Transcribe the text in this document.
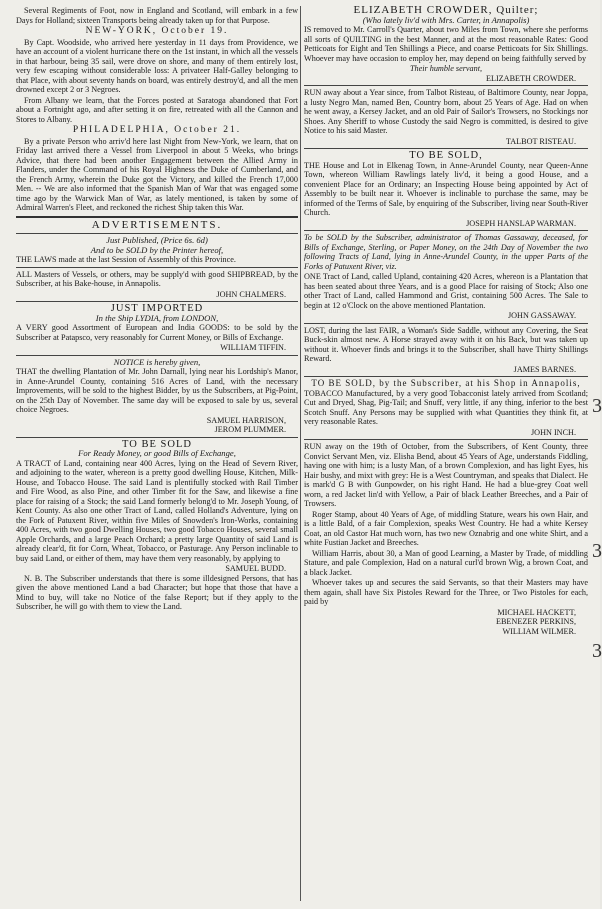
Several Regiments of Foot, now in England and Scotland, will embark in a few Days for Holland; sixteen Transports being already taken up for that Purpose.

NEW-YORK, October 19.

By Capt. Woodside, who arrived here yesterday in 11 days from Providence, we have an account of a violent hurricane there on the 1st instant, in which all the vessels in that harbour, being 35 sail, were drove on shore, and many of them entirely lost, very few escaping without considerable loss: A privateer Half-Galley belonging to that Place, with about seventy hands on board, was entirely destroy'd, and all the men drowned except 2 or 3 Negroes.

From Albany we learn, that the Forces posted at Saratoga abandoned that Fort about a Fortnight ago, and after setting it on fire, retreated with all the Cannon and Stores to Albany.

PHILADELPHIA, October 21.

By a private Person who arriv'd here last Night from New-York, we learn, that on Friday last arrived there a Vessel from Liverpool in about 5 Weeks, who brings Advice, that there had been another Engagement between the Allied Army in Flanders, under the Command of his Royal Highness the Duke of Cumberland, and the French Army, wherein the Duke got the Victory, and killed the French 17,000 Men. -- We are also informed that the Spanish Man of War that was engaged some time ago by the Warwick Man of War, as lately mentioned, is taken by some of Admiral Warren's Fleet, and reckoned the richest Ship taken this War.

ADVERTISEMENTS.
Just Published, (Price 6s. 6d)
And to be SOLD by the Printer hereof,

THE LAWS made at the last Session of Assembly of this Province.

ALL Masters of Vessels, or others, may be supply'd with good SHIPBREAD, by the Subscriber, at his Bake-house, in Annapolis.

JOHN CHALMERS.
JUST IMPORTED
In the Ship LYDIA, from LONDON,

A VERY good Assortment of European and India GOODS: to be sold by the Subscriber at Patapsco, very reasonably for Current Money, or Bills of Exchange.

WILLIAM TIFFIN.
NOTICE is hereby given,

THAT the dwelling Plantation of Mr. John Darnall, lying near his Lordship's Manor, in Anne-Arundel County, containing 516 Acres of Land, with the necessary Improvements, will be sold to the highest Bidder, by us the Subscribers, at Pig-Point, on the 25th Day of November. The same day will be exposed to sale by us, several choice Negroes.

SAMUEL HARRISON,
JEROM PLUMMER.
TO BE SOLD
For Ready Money, or good Bills of Exchange,

A TRACT of Land, containing near 400 Acres, lying on the Head of Severn River, and adjoining to the water, whereon is a pretty good dwelling House, Kitchen, Milk-House, and Tobacco House. The said Land is plentifully stocked with Rail Timber and Fire Wood, as also Pine, and other Timber fit for the Saw, and likewise a fine place for raising of a Stock; the said Land formerly belong'd to Mr. Joseph Young, of Kent County. As also one other Tract of Land, called Holland's Adventure, lying on the Fork of Patuxent River, within five Miles of Snowden's Iron-Works, containing 400 Acres, with two good Dwelling Houses, two good Tobacco Houses, several small Apple Orchards, and a large Peach Orchard; a pretty large Quantity of said Land is already clear'd, fit for Corn, Wheat, Tobacco, or Pasturage. Any Person inclinable to buy said Land, or either of them, may have them very reasonably, by applying to

SAMUEL BUDD.

N. B. The Subscriber understands that there is some illdesigned Persons, that has given the above mentioned Land a bad Character; but hope that those that have a Mind to buy, will take no Notice of the false Report; but if they apply to the Subscriber, he will go with them to view the Land.

ELIZABETH CROWDER, Quilter;
(Who lately liv'd with Mrs. Carter, in Annapolis)

IS removed to Mr. Carroll's Quarter, about two Miles from Town, where she performs all sorts of QUILTING in the best Manner, and at the most reasonable Rates: Good Petticoats for Eight and Ten Shillings a Piece, and coarse Petticoats for Six Shillings. Whoever may have occasion to employ her, may depend on being faithfully served by

Their humble servant,
ELIZABETH CROWDER.

RUN away about a Year since, from Talbot Risteau, of Baltimore County, near Joppa, a lusty Negro Man, named Ben, Country born, about 25 Years of Age. Had on when he went away, a Kersey Jacket, and an old Pair of Sailor's Trowsers, no Stockings nor Shoes. Any Sheriff to whose Custody the said Negro is committed, is desired to give Notice to his said Master.

TALBOT RISTEAU.
TO BE SOLD,

THE House and Lot in Elkenag Town, in Anne-Arundel County, near Queen-Anne Town, whereon William Rawlings lately liv'd, it being a good House, and a convenient Place for an Ordinary; an Inspecting House being appointed by Act of Assembly to be built near it. Whoever is inclinable to purchase the same, may be informed of the Terms of Sale, by enquiring of the Subscriber, living near South-River Church.

JOSEPH HANSLAP WARMAN.

To be SOLD by the Subscriber, administrator of Thomas Gassaway, deceased, for Bills of Exchange, Sterling, or Paper Money, on the 24th Day of November the two following Tracts of Land, lying in Anne-Arundel County, in the upper Parts of the Forks of Patuxent River, viz.

ONE Tract of Land, called Upland, containing 420 Acres, whereon is a Plantation that has been seated about three Years, and is a good Place for raising of Stock; Also one other Tract of Land, called Hammond and Grist, containing 500 Acres. The Sale to begin at 12 o'Clock on the above mentioned Plantation.

JOHN GASSAWAY.

LOST, during the last FAIR, a Woman's Side Saddle, without any Covering, the Seat Buck-skin almost new. A Horse strayed away with it on his Back, but was taken up without it. Whoever finds and brings it to the Subscriber, shall have Thirty Shillings Reward.

JAMES BARNES.
TO BE SOLD, by the Subscriber, at his Shop in Annapolis,

TOBACCO Manufactured, by a very good Tobacconist lately arrived from Scotland; Cut and Dryed, Shag, Pig-Tail; and Snuff, very little, if any thing, inferior to the best Scotch Snuff. Any Persons may be supplied with what Quantities they think fit, at very reasonable Rates.

JOHN INCH.

RUN away on the 19th of October, from the Subscribers, of Kent County, three Convict Servant Men, viz. Elisha Bend, about 45 Years of Age, understands Fiddling, having one with him; is a lusty Man, of a brown Complexion, and has light Eyes, his Hair bushy, and mixt with grey: He is a West Countryman, and speaks that Dialect. He is mark'd G B with Gunpowder, on his right Hand. He had a blue-grey Coat well worn, a red Jacket lin'd with Yellow, a Pair of black Leather Breeches, and a Pair of Trowsers.

Roger Stamp, about 40 Years of Age, of middling Stature, wears his own Hair, and is a little Bald, of a fair Complexion, speaks West Country. He had a white Kersey Coat, an old Castor Hat much worn, has two new Oznabrig and one white Shirt, and a white Fustian Jacket and Breeches.

William Harris, about 30, a Man of good Learning, a Master by Trade, of middling Stature, and pale Complexion, Had on a natural curl'd brown Wig, a brown Coat, and a black Jacket.

Whoever takes up and secures the said Servants, so that their Masters may have them again, shall have Six Pistoles Reward for the Three, or Two Pistoles for each, paid by

MICHAEL HACKETT,
EBENEZER PERKINS,
WILLIAM WILMER.
3
3
3
